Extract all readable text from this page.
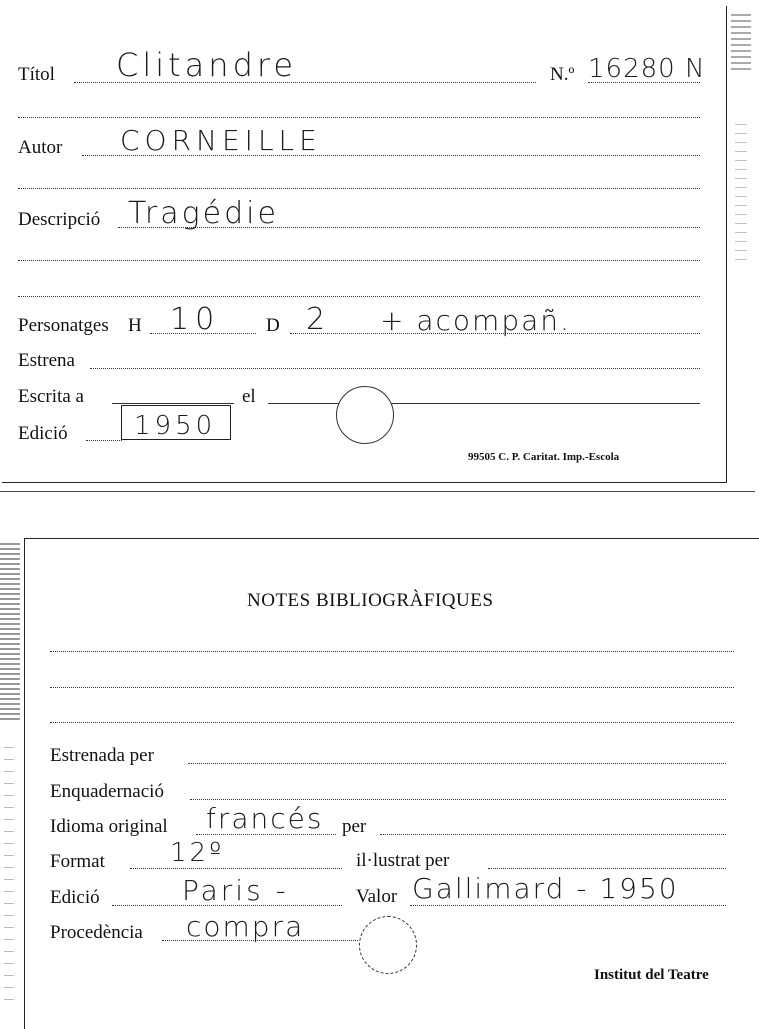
Títol Clitandre	N.º 16280 N
Autor CORNEILLE
Descripció Tragédie
Personatges H 10 D 2 + acompañ.
Estrena
Escrita a	el
Edició	1950
99505 C. P. Caritat. Imp.-Escola
NOTES BIBLIOGRÀFIQUES
Estrenada per
Enquadernació
Idioma original francés per
Format	12º	il·lustrat per
Edició	Paris -	Valor Gallimard - 1950
Procedència compra
Institut del Teatre
